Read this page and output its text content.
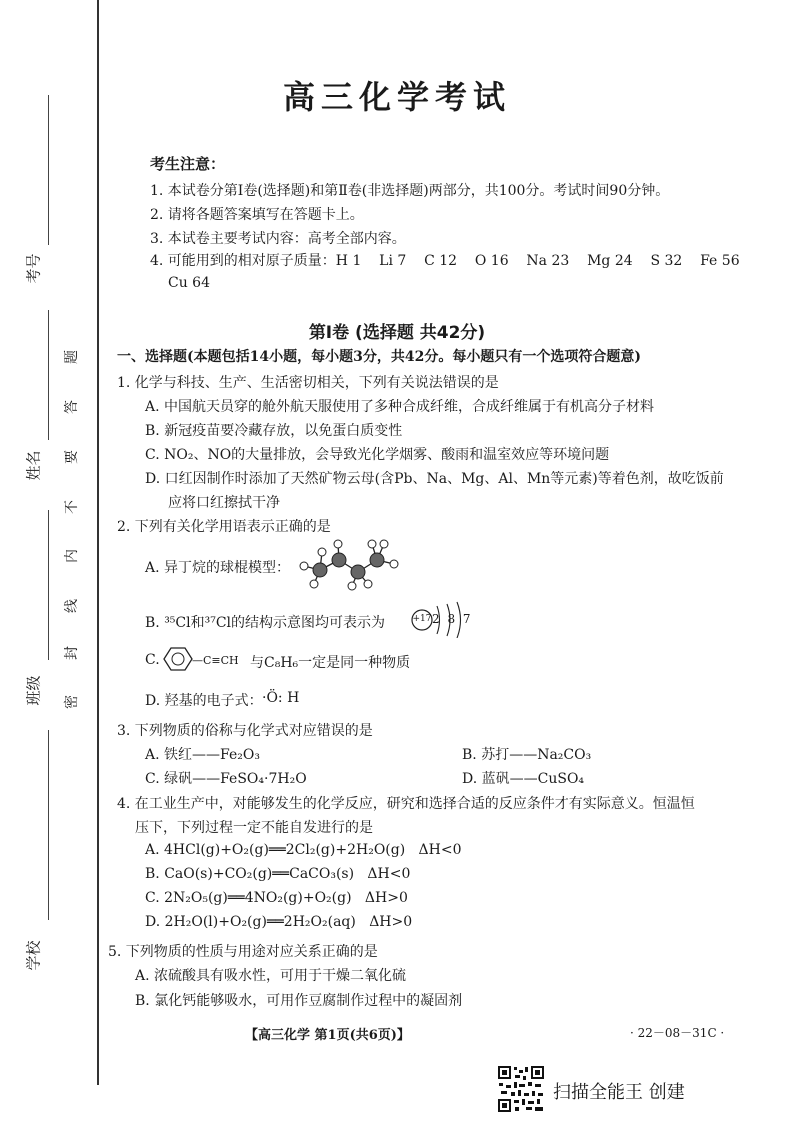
考号
姓名
班级
学校
密
封
线
内
不
要
答
题
高三化学考试
考生注意：
1. 本试卷分第Ⅰ卷(选择题)和第Ⅱ卷(非选择题)两部分，共100分。考试时间90分钟。
2. 请将各题答案填写在答题卡上。
3. 本试卷主要考试内容：高考全部内容。
4. 可能用到的相对原子质量：H 1    Li 7    C 12    O 16    Na 23    Mg 24    S 32    Fe 56
Cu 64
第Ⅰ卷 (选择题 共42分)
一、选择题(本题包括14小题，每小题3分，共42分。每小题只有一个选项符合题意)
1. 化学与科技、生产、生活密切相关，下列有关说法错误的是
A. 中国航天员穿的舱外航天服使用了多种合成纤维，合成纤维属于有机高分子材料
B. 新冠疫苗要冷藏存放，以免蛋白质变性
C. NO₂、NO的大量排放，会导致光化学烟雾、酸雨和温室效应等环境问题
D. 口红因制作时添加了天然矿物云母(含Pb、Na、Mg、Al、Mn等元素)等着色剂，故吃饭前
应将口红擦拭干净
2. 下列有关化学用语表示正确的是
A. 异丁烷的球棍模型：
B. ³⁵Cl和³⁷Cl的结构示意图均可表示为	+17 2 8 7
C.	—C≡CH 与C₈H₆一定是同一种物质
D. 羟基的电子式： ·Ö: H
3. 下列物质的俗称与化学式对应错误的是
A. 铁红——Fe₂O₃	B. 苏打——Na₂CO₃
C. 绿矾——FeSO₄·7H₂O	D. 蓝矾——CuSO₄
4. 在工业生产中，对能够发生的化学反应，研究和选择合适的反应条件才有实际意义。恒温恒
压下，下列过程一定不能自发进行的是
A. 4HCl(g)+O₂(g)══2Cl₂(g)+2H₂O(g)   ΔH<0
B. CaO(s)+CO₂(g)══CaCO₃(s)   ΔH<0
C. 2N₂O₅(g)══4NO₂(g)+O₂(g)   ΔH>0
D. 2H₂O(l)+O₂(g)══2H₂O₂(aq)   ΔH>0
5. 下列物质的性质与用途对应关系正确的是
A. 浓硫酸具有吸水性，可用于干燥二氧化硫
B. 氯化钙能够吸水，可用作豆腐制作过程中的凝固剂
【高三化学 第1页(共6页)】	· 22－08－31C ·
扫描全能王 创建
